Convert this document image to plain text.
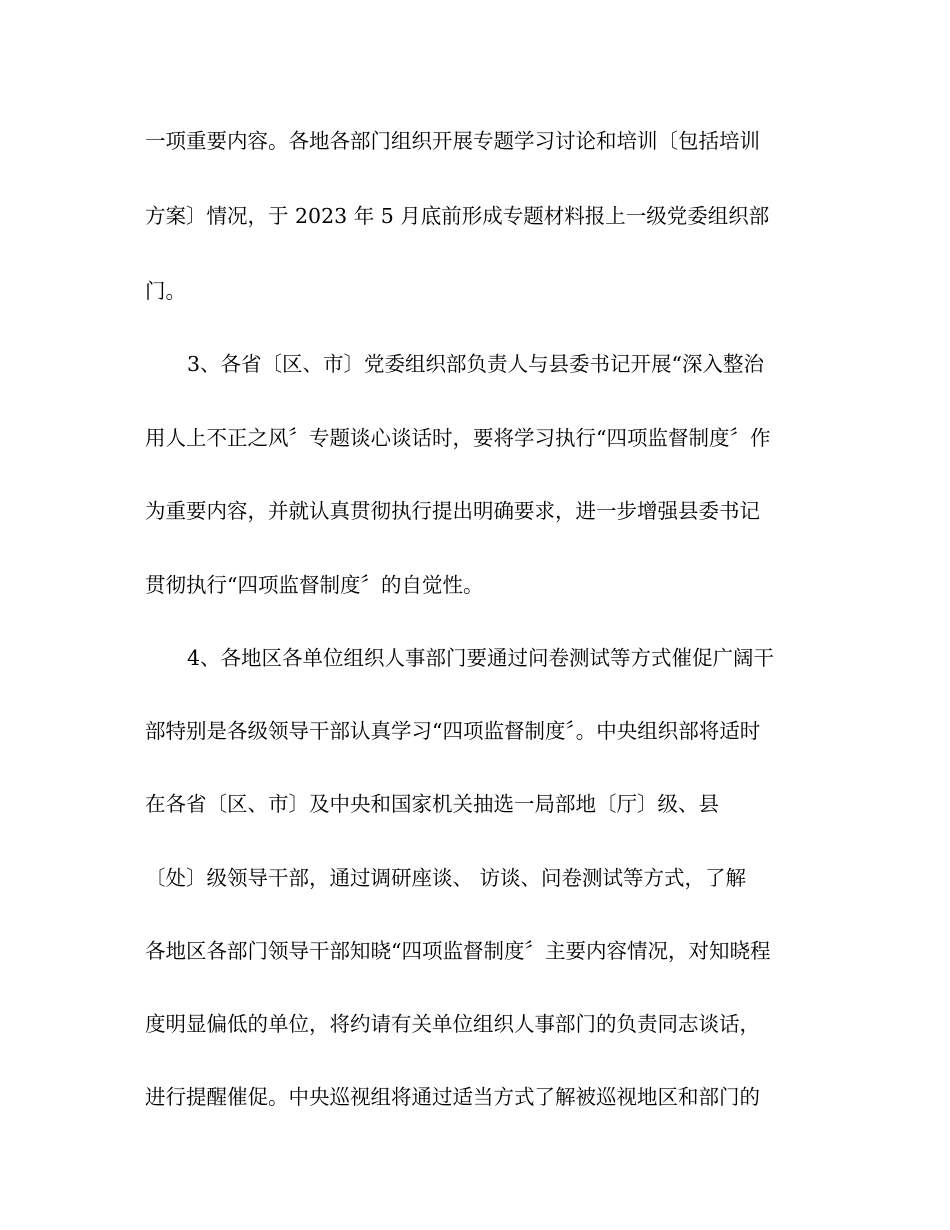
一项重要内容。各地各部门组织开展专题学习讨论和培训〔包括培训
方案〕情况，于 2023 年 5 月底前形成专题材料报上一级党委组织部
门。
3、各省〔区、市〕党委组织部负责人与县委书记开展“深入整治
用人上不正之风〞专题谈心谈话时，要将学习执行“四项监督制度〞作
为重要内容，并就认真贯彻执行提出明确要求，进一步增强县委书记
贯彻执行“四项监督制度〞的自觉性。
4、各地区各单位组织人事部门要通过问卷测试等方式催促广阔干
部特别是各级领导干部认真学习“四项监督制度〞。中央组织部将适时
在各省〔区、市〕及中央和国家机关抽选一局部地〔厅〕级、县
〔处〕级领导干部，通过调研座谈、 访谈、问卷测试等方式，了解
各地区各部门领导干部知晓“四项监督制度〞主要内容情况，对知晓程
度明显偏低的单位，将约请有关单位组织人事部门的负责同志谈话，
进行提醒催促。中央巡视组将通过适当方式了解被巡视地区和部门的
